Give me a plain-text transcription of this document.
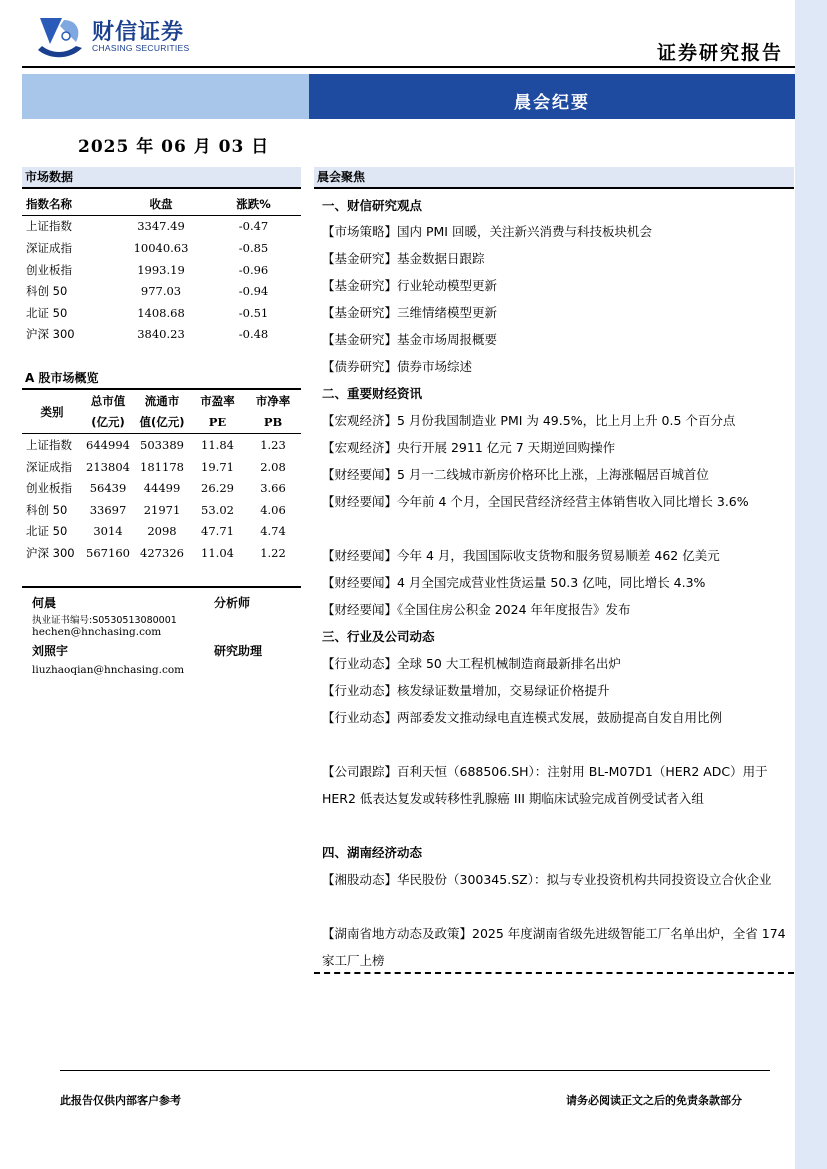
财信证券
CHASING SECURITIES	证券研究报告
晨会纪要
2025 年 06 月 03 日
市场数据
指数名称	收盘	涨跌%

上证指数	3347.49	-0.47
深证成指	10040.63	-0.85
创业板指	1993.19	-0.96
科创 50	977.03	-0.94
北证 50	1408.68	-0.51
沪深 300	3840.23	-0.48
A 股市场概览
类别	总市值	流通市	市盈率	市净率
	(亿元)	值(亿元)	PE	PB

上证指数	644994	503389	11.84	1.23
深证成指	213804	181178	19.71	2.08
创业板指	56439	44499	26.29	3.66
科创 50	33697	21971	53.02	4.06
北证 50	3014	2098	47.71	4.74
沪深 300	567160	427326	11.04	1.22
何晨	分析师
执业证书编号:S0530513080001
hechen@hnchasing.com
刘照宇	研究助理
liuzhaoqian@hnchasing.com
晨会聚焦
一、财信研究观点
【市场策略】国内 PMI 回暖，关注新兴消费与科技板块机会
【基金研究】基金数据日跟踪
【基金研究】行业轮动模型更新
【基金研究】三维情绪模型更新
【基金研究】基金市场周报概要
【债券研究】债券市场综述
二、重要财经资讯
【宏观经济】5 月份我国制造业 PMI 为 49.5%，比上月上升 0.5 个百分点
【宏观经济】央行开展 2911 亿元 7 天期逆回购操作
【财经要闻】5 月一二线城市新房价格环比上涨，上海涨幅居百城首位
【财经要闻】今年前 4 个月，全国民营经济经营主体销售收入同比增长 3.6%
【财经要闻】今年 4 月，我国国际收支货物和服务贸易顺差 462 亿美元
【财经要闻】4 月全国完成营业性货运量 50.3 亿吨，同比增长 4.3%
【财经要闻】《全国住房公积金 2024 年年度报告》发布
三、行业及公司动态
【行业动态】全球 50 大工程机械制造商最新排名出炉
【行业动态】核发绿证数量增加，交易绿证价格提升
【行业动态】两部委发文推动绿电直连模式发展，鼓励提高自发自用比例
【公司跟踪】百利天恒（688506.SH）：注射用 BL-M07D1（HER2 ADC）用于 HER2 低表达复发或转移性乳腺癌 III 期临床试验完成首例受试者入组
四、湖南经济动态
【湘股动态】华民股份（300345.SZ）：拟与专业投资机构共同投资设立合伙企业
【湖南省地方动态及政策】2025 年度湖南省级先进级智能工厂名单出炉，全省 174 家工厂上榜
此报告仅供内部客户参考	请务必阅读正文之后的免责条款部分
